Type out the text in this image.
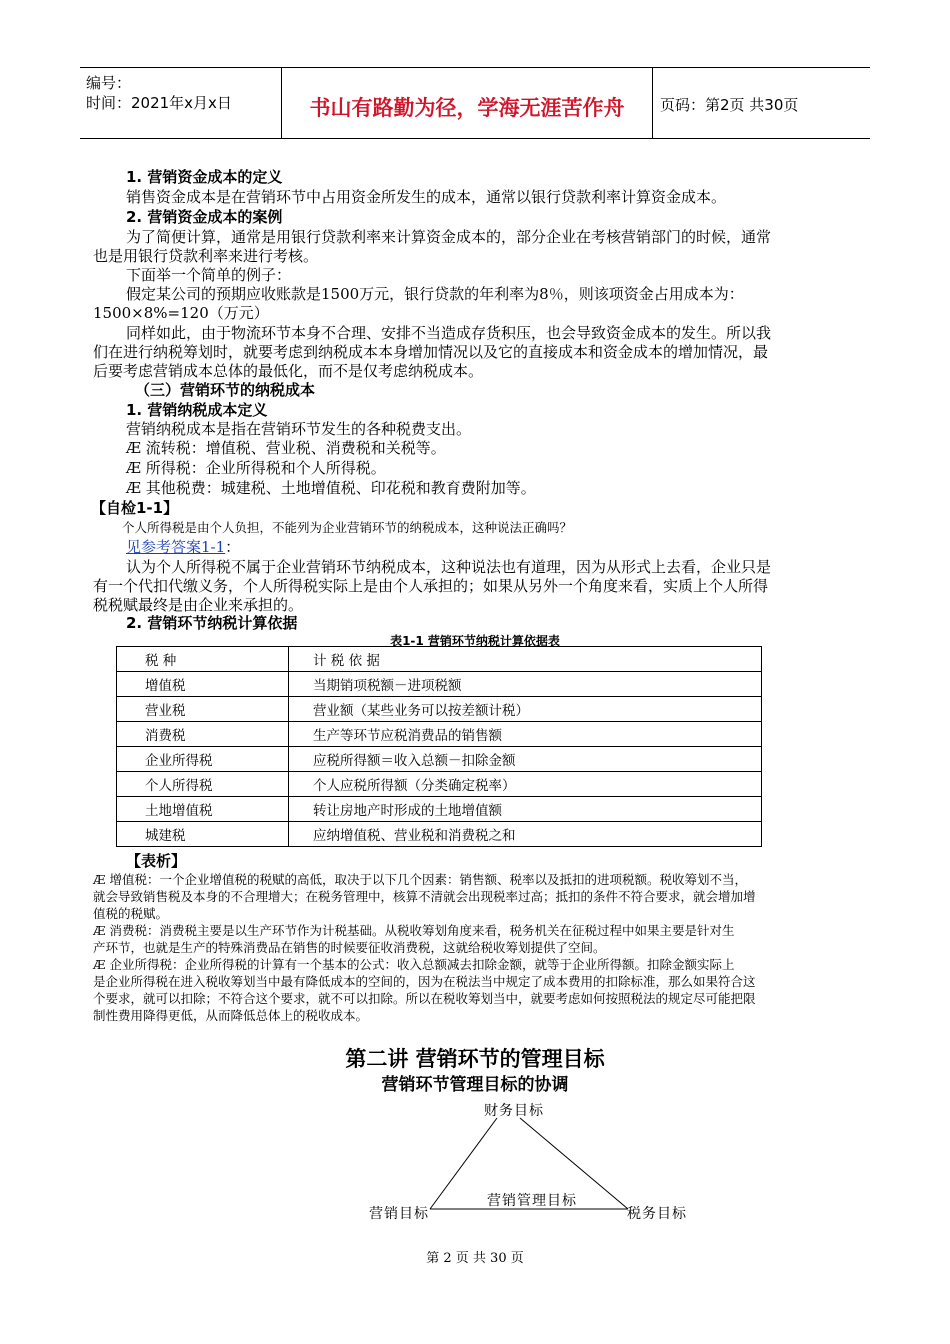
编号：
时间：2021年x月x日	书山有路勤为径，学海无涯苦作舟	页码：第2页 共30页
1. 营销资金成本的定义
销售资金成本是在营销环节中占用资金所发生的成本，通常以银行贷款利率计算资金成本。
2. 营销资金成本的案例
为了简便计算，通常是用银行贷款利率来计算资金成本的，部分企业在考核营销部门的时候，通常
也是用银行贷款利率来进行考核。
下面举一个简单的例子：
假定某公司的预期应收账款是1500万元，银行贷款的年利率为8％，则该项资金占用成本为：
1500×8%=120（万元）
同样如此，由于物流环节本身不合理、安排不当造成存货积压，也会导致资金成本的发生。所以我
们在进行纳税筹划时，就要考虑到纳税成本本身增加情况以及它的直接成本和资金成本的增加情况，最
后要考虑营销成本总体的最低化，而不是仅考虑纳税成本。
（三）营销环节的纳税成本
1. 营销纳税成本定义
营销纳税成本是指在营销环节发生的各种税费支出。
Æ 流转税：增值税、营业税、消费税和关税等。
Æ 所得税：企业所得税和个人所得税。
Æ 其他税费：城建税、土地增值税、印花税和教育费附加等。
【自检1-1】
个人所得税是由个人负担，不能列为企业营销环节的纳税成本，这种说法正确吗？
见参考答案1-1：
认为个人所得税不属于企业营销环节纳税成本，这种说法也有道理，因为从形式上去看，企业只是
有一个代扣代缴义务，个人所得税实际上是由个人承担的；如果从另外一个角度来看，实质上个人所得
税税赋最终是由企业来承担的。
2. 营销环节纳税计算依据
表1-1 营销环节纳税计算依据表
税 种	计 税 依 据
增值税	当期销项税额－进项税额
营业税	营业额（某些业务可以按差额计税）
消费税	生产等环节应税消费品的销售额
企业所得税	应税所得额＝收入总额－扣除金额
个人所得税	个人应税所得额（分类确定税率）
土地增值税	转让房地产时形成的土地增值额
城建税	应纳增值税、营业税和消费税之和
【表析】
Æ 增值税：一个企业增值税的税赋的高低，取决于以下几个因素：销售额、税率以及抵扣的进项税额。税收筹划不当，
就会导致销售税及本身的不合理增大；在税务管理中，核算不清就会出现税率过高；抵扣的条件不符合要求，就会增加增
值税的税赋。
Æ 消费税：消费税主要是以生产环节作为计税基础。从税收筹划角度来看，税务机关在征税过程中如果主要是针对生
产环节，也就是生产的特殊消费品在销售的时候要征收消费税，这就给税收筹划提供了空间。
Æ 企业所得税：企业所得税的计算有一个基本的公式：收入总额减去扣除金额，就等于企业所得额。扣除金额实际上
是企业所得税在进入税收筹划当中最有降低成本的空间的，因为在税法当中规定了成本费用的扣除标准，那么如果符合这
个要求，就可以扣除；不符合这个要求，就不可以扣除。所以在税收筹划当中，就要考虑如何按照税法的规定尽可能把限
制性费用降得更低，从而降低总体上的税收成本。
第二讲 营销环节的管理目标
营销环节管理目标的协调
财务目标
营销管理目标
营销目标	税务目标
第 2 页 共 30 页
